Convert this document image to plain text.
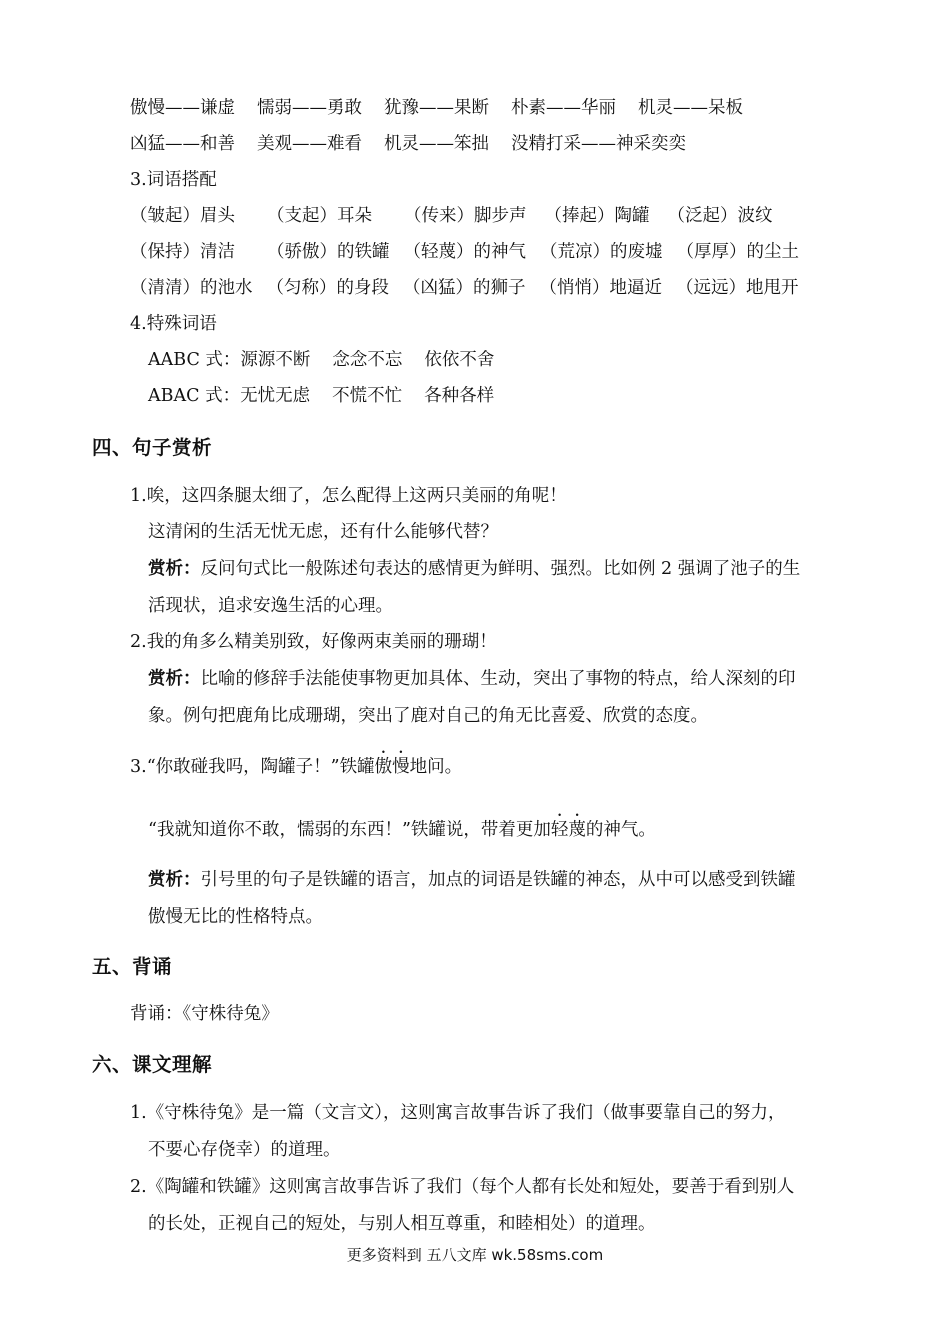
傲慢——谦虚 懦弱——勇敢 犹豫——果断 朴素——华丽 机灵——呆板
凶猛——和善 美观——难看 机灵——笨拙 没精打采——神采奕奕
3.词语搭配
（皱起）眉头 （支起）耳朵 （传来）脚步声 （捧起）陶罐 （泛起）波纹
（保持）清洁 （骄傲）的铁罐 （轻蔑）的神气 （荒凉）的废墟 （厚厚）的尘土
（清清）的池水 （匀称）的身段 （凶猛）的狮子 （悄悄）地逼近 （远远）地甩开
4.特殊词语
AABC 式：源源不断 念念不忘 依依不舍
ABAC 式：无忧无虑 不慌不忙 各种各样
四、句子赏析
1.唉，这四条腿太细了，怎么配得上这两只美丽的角呢！
这清闲的生活无忧无虑，还有什么能够代替？
赏析：反问句式比一般陈述句表达的感情更为鲜明、强烈。比如例 2 强调了池子的生
活现状，追求安逸生活的心理。
2.我的角多么精美别致，好像两束美丽的珊瑚！
赏析：比喻的修辞手法能使事物更加具体、生动，突出了事物的特点，给人深刻的印
象。例句把鹿角比成珊瑚，突出了鹿对自己的角无比喜爱、欣赏的态度。
3.“你敢碰我吗，陶罐子！”铁罐
.
傲
.
慢地问。
“我就知道你不敢，懦弱的东西！”铁罐说，带着更加
.
轻
.
蔑的神气。
赏析：引号里的句子是铁罐的语言，加点的词语是铁罐的神态，从中可以感受到铁罐
傲慢无比的性格特点。
五、背诵
背诵：《守株待兔》
六、课文理解
1.《守株待兔》是一篇（文言文），这则寓言故事告诉了我们（做事要靠自己的努力，
不要心存侥幸）的道理。
2.《陶罐和铁罐》这则寓言故事告诉了我们（每个人都有长处和短处，要善于看到别人
的长处，正视自己的短处，与别人相互尊重，和睦相处）的道理。
更多资料到 五八文库 wk.58sms.com
